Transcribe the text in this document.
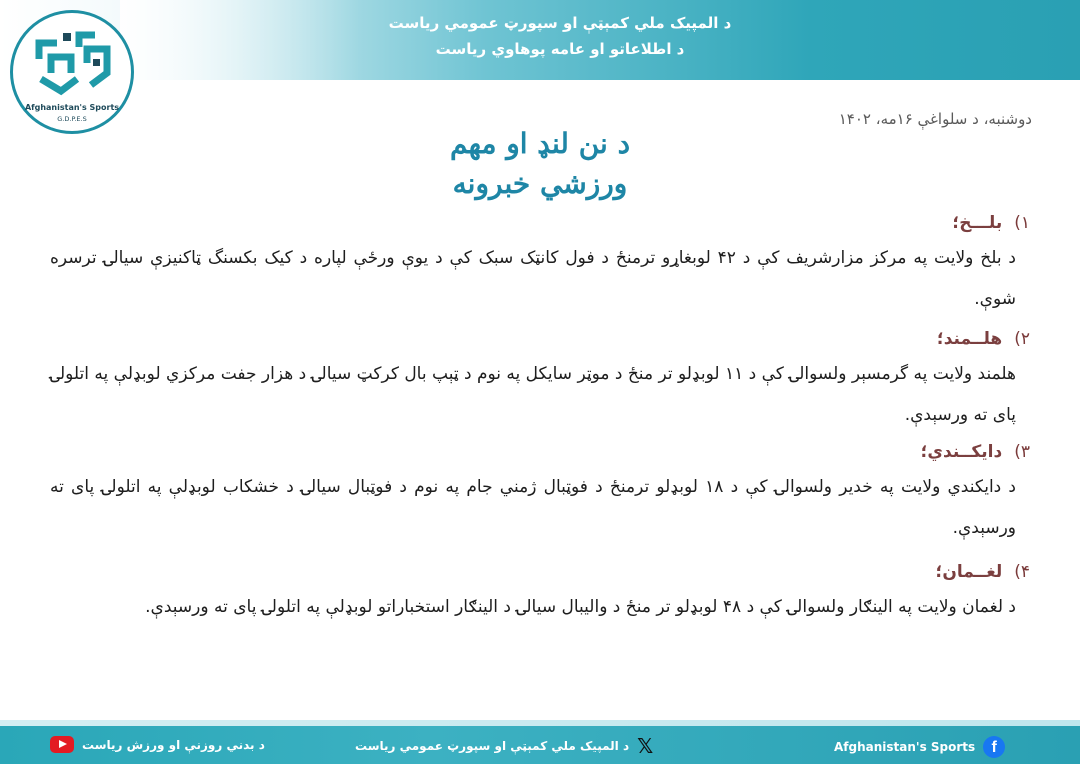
د المپیک ملي کمېټې او سپورټ عمومي ریاست
د اطلاعاتو او عامه پوهاوي ریاست
Afghanistan's Sports
G.D.P.E.S	دوشنبه، د سلواغې ۱۶مه، ۱۴۰۲
د نن لنډ او مهم
ورزشي خبرونه
۱)
بلـــخ؛

د بلخ ولایت په مرکز مزارشریف کې د ۴۲ لوبغاړو ترمنځ د فول کانټک سبک کې د یوې ورځې لپاره د کیک بکسنگ ټاکنیزې سیالۍ ترسره شوې.

۲)
هلــمند؛

هلمند ولایت په گرمسېر ولسوالۍ کې د ۱۱ لوبډلو تر منځ د موټر سایکل په نوم د ټېپ بال کرکټ سیالۍ د هزار جفت مرکزي لوبډلې په اتلولۍ پای ته ورسېدې.

۳)
دایکــندي؛

د دایکندي ولایت په خدیر ولسوالۍ کې د ۱۸ لوبډلو ترمنځ د فوټبال ژمني جام په نوم د فوټبال سیالۍ د خشکاب لوبډلې په اتلولۍ پای ته ورسېدې.

۴)
لغــمان؛

د لغمان ولایت په الینګار ولسوالۍ کې د ۴۸ لوبډلو تر منځ د والیبال سیالۍ د الینګار استخباراتو لوبډلې په اتلولۍ پای ته ورسېدې.

د بدني روزنې او ورزش ریاست	𝕏
د المپیک ملي کمېټې او سپورټ عمومي ریاست	Afghanistan's Sports	f
